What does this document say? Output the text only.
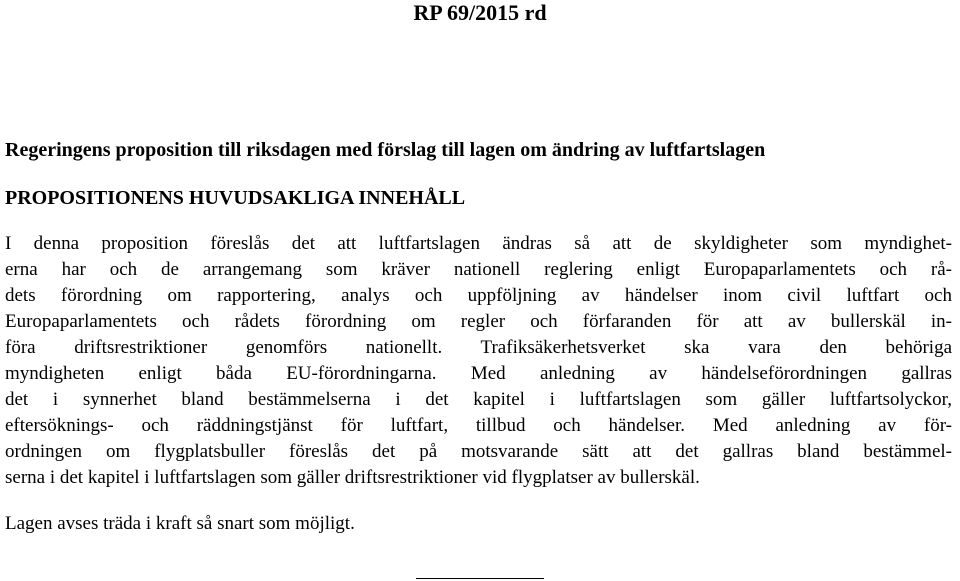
RP 69/2015 rd
Regeringens proposition till riksdagen med förslag till lagen om ändring av luftfartslagen
PROPOSITIONENS HUVUDSAKLIGA INNEHÅLL
I denna proposition föreslås det att luftfartslagen ändras så att de skyldigheter som myndighet-
erna har och de arrangemang som kräver nationell reglering enligt Europaparlamentets och rå-
dets förordning om rapportering, analys och uppföljning av händelser inom civil luftfart och
Europaparlamentets och rådets förordning om regler och förfaranden för att av bullerskäl in-
föra driftsrestriktioner genomförs nationellt. Trafiksäkerhetsverket ska vara den behöriga
myndigheten enligt båda EU-förordningarna. Med anledning av händelseförordningen gallras
det i synnerhet bland bestämmelserna i det kapitel i luftfartslagen som gäller luftfartsolyckor,
eftersöknings- och räddningstjänst för luftfart, tillbud och händelser. Med anledning av för-
ordningen om flygplatsbuller föreslås det på motsvarande sätt att det gallras bland bestämmel-
serna i det kapitel i luftfartslagen som gäller driftsrestriktioner vid flygplatser av bullerskäl.
Lagen avses träda i kraft så snart som möjligt.
